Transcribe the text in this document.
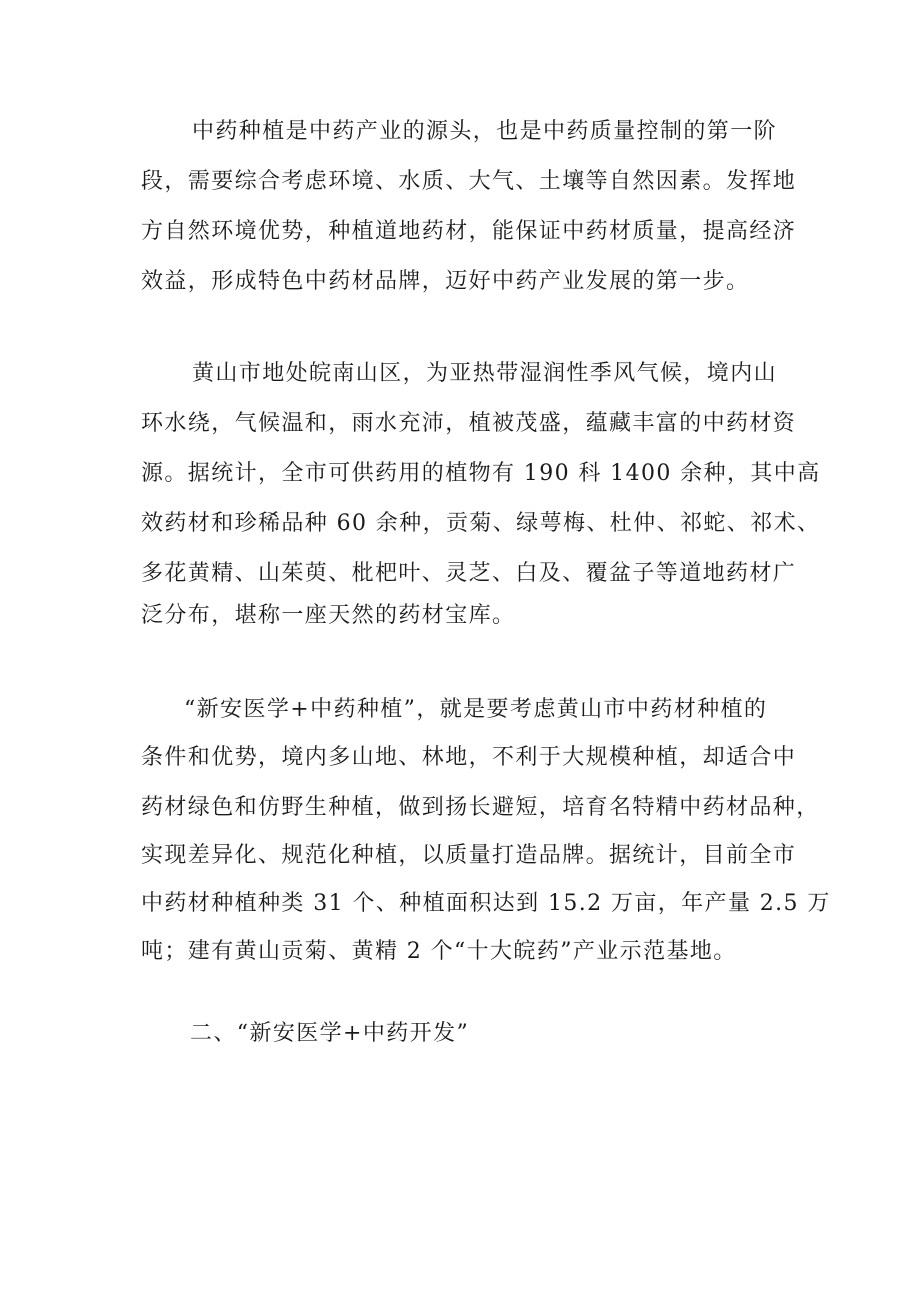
中药种植是中药产业的源头，也是中药质量控制的第一阶
段，需要综合考虑环境、水质、大气、土壤等自然因素。发挥地
方自然环境优势，种植道地药材，能保证中药材质量，提高经济
效益，形成特色中药材品牌，迈好中药产业发展的第一步。
黄山市地处皖南山区，为亚热带湿润性季风气候，境内山
环水绕，气候温和，雨水充沛，植被茂盛，蕴藏丰富的中药材资
源。据统计，全市可供药用的植物有 190 科 1400 余种，其中高
效药材和珍稀品种 60 余种，贡菊、绿萼梅、杜仲、祁蛇、祁术、
多花黄精、山茱萸、枇杷叶、灵芝、白及、覆盆子等道地药材广
泛分布，堪称一座天然的药材宝库。
“新安医学+中药种植”，就是要考虑黄山市中药材种植的
条件和优势，境内多山地、林地，不利于大规模种植，却适合中
药材绿色和仿野生种植，做到扬长避短，培育名特精中药材品种，
实现差异化、规范化种植，以质量打造品牌。据统计，目前全市
中药材种植种类 31 个、种植面积达到 15.2 万亩，年产量 2.5 万
吨；建有黄山贡菊、黄精 2 个“十大皖药”产业示范基地。
二、“新安医学+中药开发”
